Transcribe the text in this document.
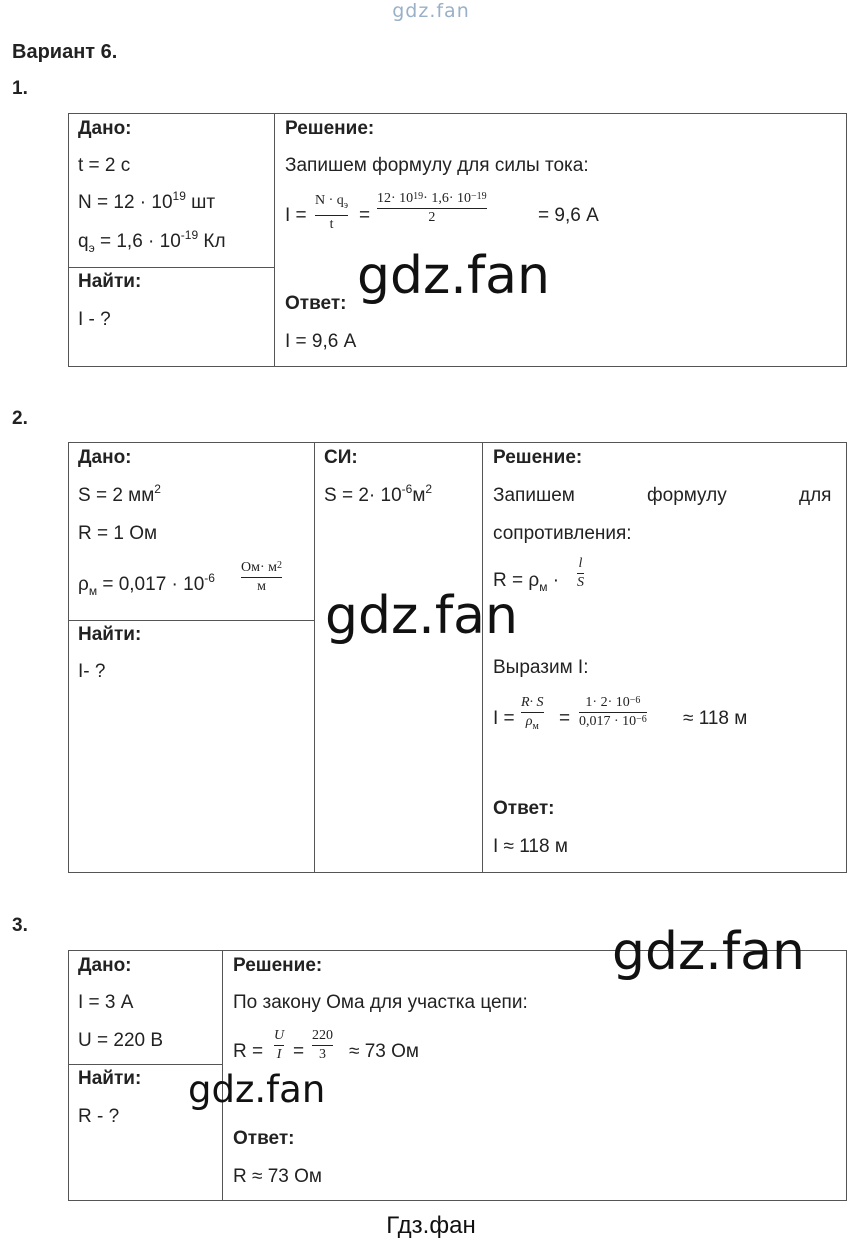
gdz.fan
Вариант 6.
1.
Дано:
t = 2 с
$N = 12 \cdot 10^{19}$ шт
$q_э = 1,6 \cdot 10^{-19}$ Кл
Найти:
I - ?
Решение:
Запишем формулу для силы тока:
I =
$N \cdot q_э$
t =
$12\cdot 10^{19}\cdot 1,6\cdot 10^{-19}$
2	= 9,6 А
Ответ:
I = 9,6 А
2.
Дано:
S = 2 $мм^2$
R = 1 Ом
$\rho_м = 0,017 \cdot 10^{-6}$
$Ом\cdot м^2$
м
Найти:
I- ?
СИ:
$S = 2\cdot 10^{-6}м^2$
Решение:
Запишем	формулу	для
сопротивления:
$R = \rho_м$ ·
l
S
Выразим I:
I =
R· S
$\rho_м$ =
$1\cdot 2\cdot 10^{-6}$
$0,017 \cdot 10^{-6} \approx 118$ м
Ответ:
I ≈ 118 м
3.
Дано:
I = 3 А
U = 220 В
Найти:
R - ?
Решение:
По закону Ома для участка цепи:
R =
U
I =
220
3 ≈ 73 Ом
Ответ:
R ≈ 73 Ом
gdz.fan
gdz.fan
gdz.fan
gdz.fan
Гдз.фан
